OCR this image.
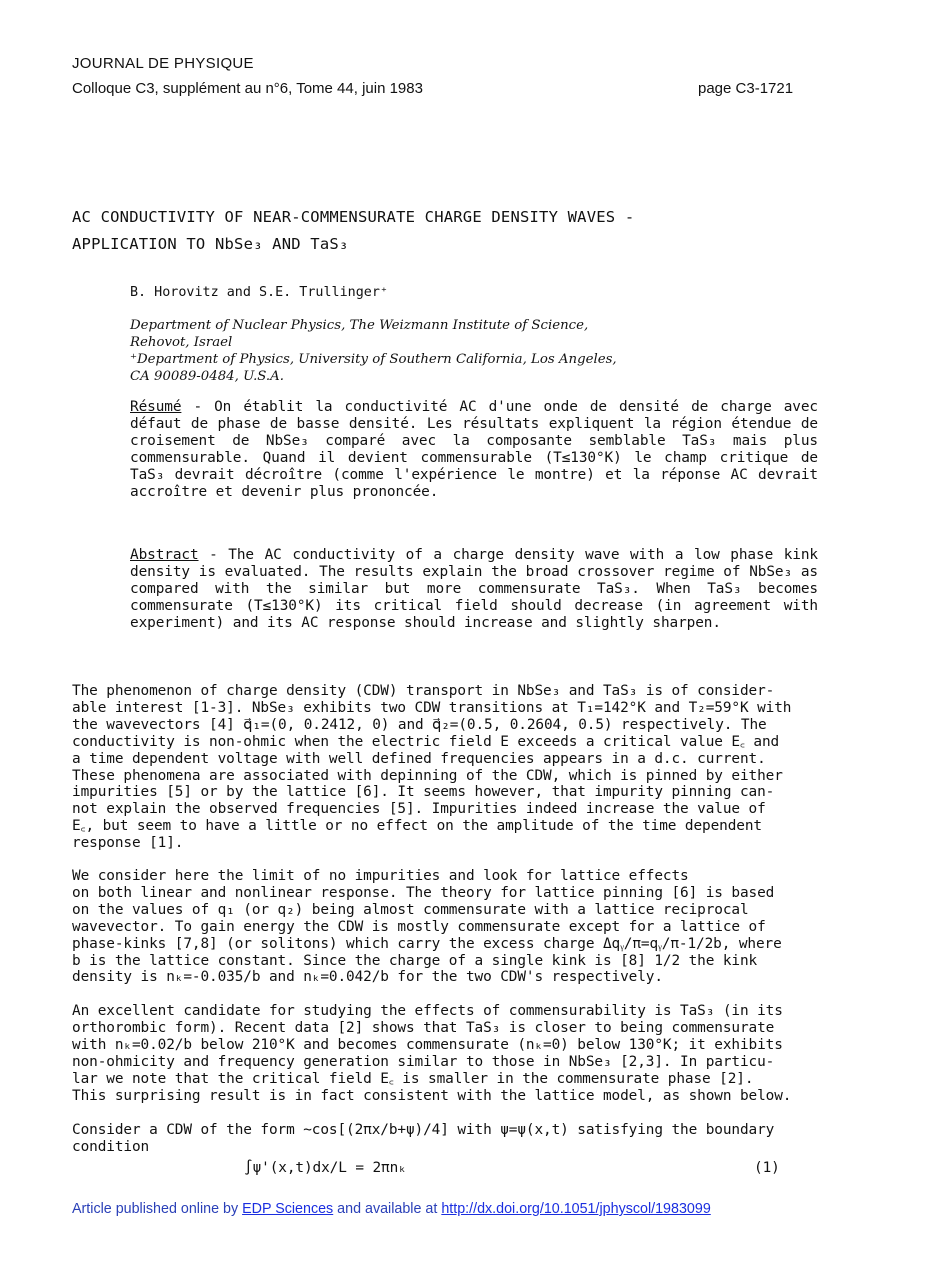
JOURNAL DE PHYSIQUE
Colloque C3, supplément au n°6, Tome 44, juin 1983	page C3-1721
AC CONDUCTIVITY OF NEAR-COMMENSURATE CHARGE DENSITY WAVES -
APPLICATION TO NbSe₃ AND TaS₃
B. Horovitz and S.E. Trullinger⁺
Department of Nuclear Physics, The Weizmann Institute of Science,
Rehovot, Israel
⁺Department of Physics, University of Southern California, Los Angeles,
CA 90089-0484, U.S.A.
Résumé - On établit la conductivité AC d'une onde de densité de charge avec défaut de phase de basse densité. Les résultats expliquent la région étendue de croisement de NbSe₃ comparé avec la composante semblable TaS₃ mais plus commensurable. Quand il devient commensurable (T≤130°K) le champ critique de TaS₃ devrait décroître (comme l'expérience le montre) et la réponse AC devrait accroître et devenir plus prononcée.
Abstract - The AC conductivity of a charge density wave with a low phase kink density is evaluated. The results explain the broad crossover regime of NbSe₃ as compared with the similar but more commensurate TaS₃. When TaS₃ becomes commensurate (T≤130°K) its critical field should decrease (in agreement with experiment) and its AC response should increase and slightly sharpen.
The phenomenon of charge density (CDW) transport in NbSe₃ and TaS₃ is of consider-
able interest [1-3]. NbSe₃ exhibits two CDW transitions at T₁=142°K and T₂=59°K with
the wavevectors [4] q⃗₁=(0, 0.2412, 0) and q⃗₂=(0.5, 0.2604, 0.5) respectively. The
conductivity is non-ohmic when the electric field E exceeds a critical value E꜀ and
a time dependent voltage with well defined frequencies appears in a d.c. current.
These phenomena are associated with depinning of the CDW, which is pinned by either
impurities [5] or by the lattice [6]. It seems however, that impurity pinning can-
not explain the observed frequencies [5]. Impurities indeed increase the value of
E꜀, but seem to have a little or no effect on the amplitude of the time dependent
response [1].
We consider here the limit of no impurities and look for lattice effects
on both linear and nonlinear response. The theory for lattice pinning [6] is based
on the values of q₁ (or q₂) being almost commensurate with a lattice reciprocal
wavevector. To gain energy the CDW is mostly commensurate except for a lattice of
phase-kinks [7,8] (or solitons) which carry the excess charge Δqᵧ/π=qᵧ/π-1/2b, where
b is the lattice constant. Since the charge of a single kink is [8] 1/2 the kink
density is nₖ=-0.035/b and nₖ=0.042/b for the two CDW's respectively.
An excellent candidate for studying the effects of commensurability is TaS₃ (in its
orthorombic form). Recent data [2] shows that TaS₃ is closer to being commensurate
with nₖ=0.02/b below 210°K and becomes commensurate (nₖ=0) below 130°K; it exhibits
non-ohmicity and frequency generation similar to those in NbSe₃ [2,3]. In particu-
lar we note that the critical field E꜀ is smaller in the commensurate phase [2].
This surprising result is in fact consistent with the lattice model, as shown below.
Consider a CDW of the form ∼cos[(2πx/b+ψ)/4] with ψ=ψ(x,t) satisfying the boundary
condition
∫ψ'(x,t)dx/L = 2πnₖ	(1)
Article published online by EDP Sciences and available at http://dx.doi.org/10.1051/jphyscol/1983099
